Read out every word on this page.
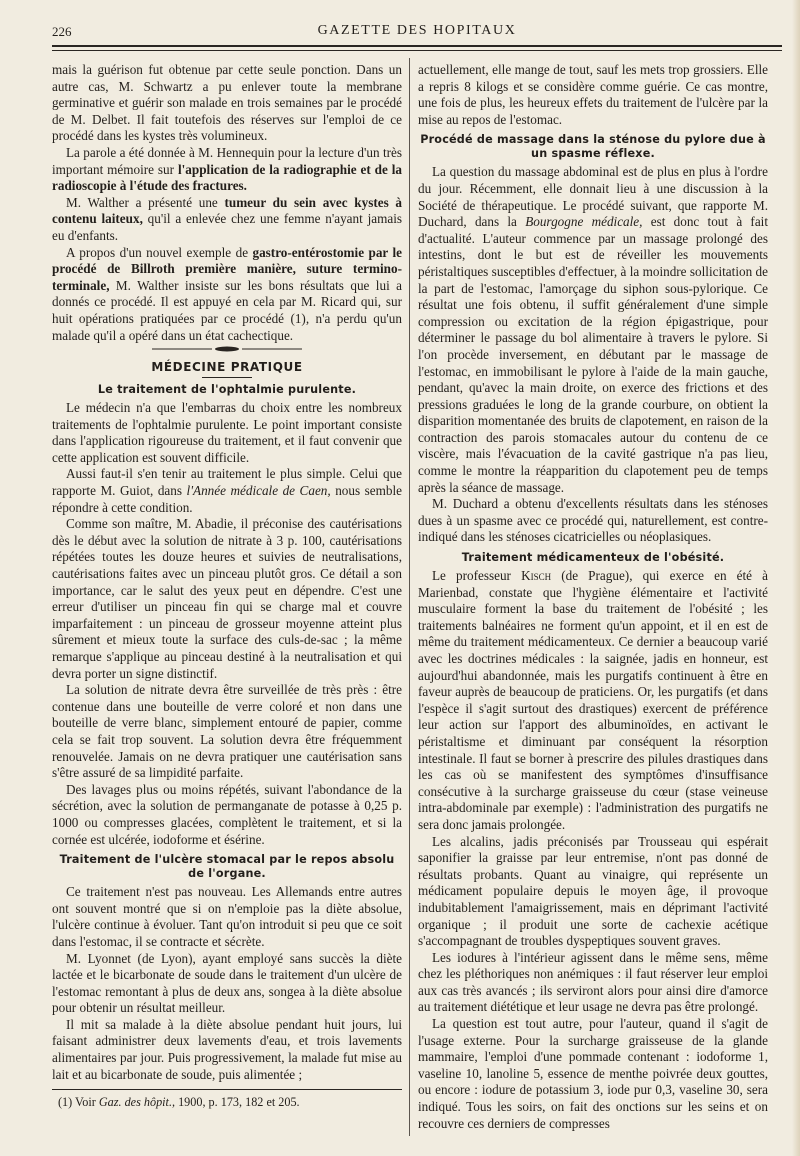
226	GAZETTE DES HOPITAUX

mais la guérison fut obtenue par cette seule ponction. Dans un autre cas, M. Schwartz a pu enlever toute la membrane germinative et guérir son malade en trois semaines par le procédé de M. Delbet. Il fait toutefois des réserves sur l'emploi de ce procédé dans les kystes très volumineux.

La parole a été donnée à M. Hennequin pour la lecture d'un très important mémoire sur l'application de la radiographie et de la radioscopie à l'étude des fractures.

M. Walther a présenté une tumeur du sein avec kystes à contenu laiteux, qu'il a enlevée chez une femme n'ayant jamais eu d'enfants.

A propos d'un nouvel exemple de gastro-entérostomie par le procédé de Billroth première manière, suture termino-terminale, M. Walther insiste sur les bons résultats que lui a donnés ce procédé. Il est appuyé en cela par M. Ricard qui, sur huit opérations pratiquées par ce procédé (1), n'a perdu qu'un malade qu'il a opéré dans un état cachectique.

MÉDECINE PRATIQUE
Le traitement de l'ophtalmie purulente.

Le médecin n'a que l'embarras du choix entre les nombreux traitements de l'ophtalmie purulente. Le point important consiste dans l'application rigoureuse du traitement, et il faut convenir que cette application est souvent difficile.

Aussi faut-il s'en tenir au traitement le plus simple. Celui que rapporte M. Guiot, dans l'Année médicale de Caen, nous semble répondre à cette condition.

Comme son maître, M. Abadie, il préconise des cautérisations dès le début avec la solution de nitrate à 3 p. 100, cautérisations répétées toutes les douze heures et suivies de neutralisations, cautérisations faites avec un pinceau plutôt gros. Ce détail a son importance, car le salut des yeux peut en dépendre. C'est une erreur d'utiliser un pinceau fin qui se charge mal et couvre imparfaitement : un pinceau de grosseur moyenne atteint plus sûrement et mieux toute la surface des culs-de-sac ; la même remarque s'applique au pinceau destiné à la neutralisation et qui devra porter un signe distinctif.

La solution de nitrate devra être surveillée de très près : être contenue dans une bouteille de verre coloré et non dans une bouteille de verre blanc, simplement entouré de papier, comme cela se fait trop souvent. La solution devra être fréquemment renouvelée. Jamais on ne devra pratiquer une cautérisation sans s'être assuré de sa limpidité parfaite.

Des lavages plus ou moins répétés, suivant l'abondance de la sécrétion, avec la solution de permanganate de potasse à 0,25 p. 1000 ou compresses glacées, complètent le traitement, et si la cornée est ulcérée, iodoforme et ésérine.

Traitement de l'ulcère stomacal par le repos absolu de l'organe.

Ce traitement n'est pas nouveau. Les Allemands entre autres ont souvent montré que si on n'emploie pas la diète absolue, l'ulcère continue à évoluer. Tant qu'on introduit si peu que ce soit dans l'estomac, il se contracte et sécrète.

M. Lyonnet (de Lyon), ayant employé sans succès la diète lactée et le bicarbonate de soude dans le traitement d'un ulcère de l'estomac remontant à plus de deux ans, songea à la diète absolue pour obtenir un résultat meilleur.

Il mit sa malade à la diète absolue pendant huit jours, lui faisant administrer deux lavements d'eau, et trois lavements alimentaires par jour. Puis progressivement, la malade fut mise au lait et au bicarbonate de soude, puis alimentée ;

(1) Voir Gaz. des hôpit., 1900, p. 173, 182 et 205.

actuellement, elle mange de tout, sauf les mets trop grossiers. Elle a repris 8 kilogs et se considère comme guérie. Ce cas montre, une fois de plus, les heureux effets du traitement de l'ulcère par la mise au repos de l'estomac.

Procédé de massage dans la sténose du pylore due à un spasme réflexe.

La question du massage abdominal est de plus en plus à l'ordre du jour. Récemment, elle donnait lieu à une discussion à la Société de thérapeutique. Le procédé suivant, que rapporte M. Duchard, dans la Bourgogne médicale, est donc tout à fait d'actualité. L'auteur commence par un massage prolongé des intestins, dont le but est de réveiller les mouvements péristaltiques susceptibles d'effectuer, à la moindre sollicitation de la part de l'estomac, l'amorçage du siphon sous-pylorique. Ce résultat une fois obtenu, il suffit généralement d'une simple compression ou excitation de la région épigastrique, pour déterminer le passage du bol alimentaire à travers le pylore. Si l'on procède inversement, en débutant par le massage de l'estomac, en immobilisant le pylore à l'aide de la main gauche, pendant, qu'avec la main droite, on exerce des frictions et des pressions graduées le long de la grande courbure, on obtient la disparition momentanée des bruits de clapotement, en raison de la contraction des parois stomacales autour du contenu de ce viscère, mais l'évacuation de la cavité gastrique n'a pas lieu, comme le montre la réapparition du clapotement peu de temps après la séance de massage.

M. Duchard a obtenu d'excellents résultats dans les sténoses dues à un spasme avec ce procédé qui, naturellement, est contre-indiqué dans les sténoses cicatricielles ou néoplasiques.

Traitement médicamenteux de l'obésité.

Le professeur Kisch (de Prague), qui exerce en été à Marienbad, constate que l'hygiène élémentaire et l'activité musculaire forment la base du traitement de l'obésité ; les traitements balnéaires ne forment qu'un appoint, et il en est de même du traitement médicamenteux. Ce dernier a beaucoup varié avec les doctrines médicales : la saignée, jadis en honneur, est aujourd'hui abandonnée, mais les purgatifs continuent à être en faveur auprès de beaucoup de praticiens. Or, les purgatifs (et dans l'espèce il s'agit surtout des drastiques) exercent de préférence leur action sur l'apport des albuminoïdes, en activant le péristaltisme et diminuant par conséquent la résorption intestinale. Il faut se borner à prescrire des pilules drastiques dans les cas où se manifestent des symptômes d'insuffisance consécutive à la surcharge graisseuse du cœur (stase veineuse intra-abdominale par exemple) : l'administration des purgatifs ne sera donc jamais prolongée.

Les alcalins, jadis préconisés par Trousseau qui espérait saponifier la graisse par leur entremise, n'ont pas donné de résultats probants. Quant au vinaigre, qui représente un médicament populaire depuis le moyen âge, il provoque indubitablement l'amaigrissement, mais en déprimant l'activité organique ; il produit une sorte de cachexie acétique s'accompagnant de troubles dyspeptiques souvent graves.

Les iodures à l'intérieur agissent dans le même sens, même chez les pléthoriques non anémiques : il faut réserver leur emploi aux cas très avancés ; ils serviront alors pour ainsi dire d'amorce au traitement diététique et leur usage ne devra pas être prolongé.

La question est tout autre, pour l'auteur, quand il s'agit de l'usage externe. Pour la surcharge graisseuse de la glande mammaire, l'emploi d'une pommade contenant : iodoforme 1, vaseline 10, lanoline 5, essence de menthe poivrée deux gouttes, ou encore : iodure de potassium 3, iode pur 0,3, vaseline 30, sera indiqué. Tous les soirs, on fait des onctions sur les seins et on recouvre ces derniers de compresses
